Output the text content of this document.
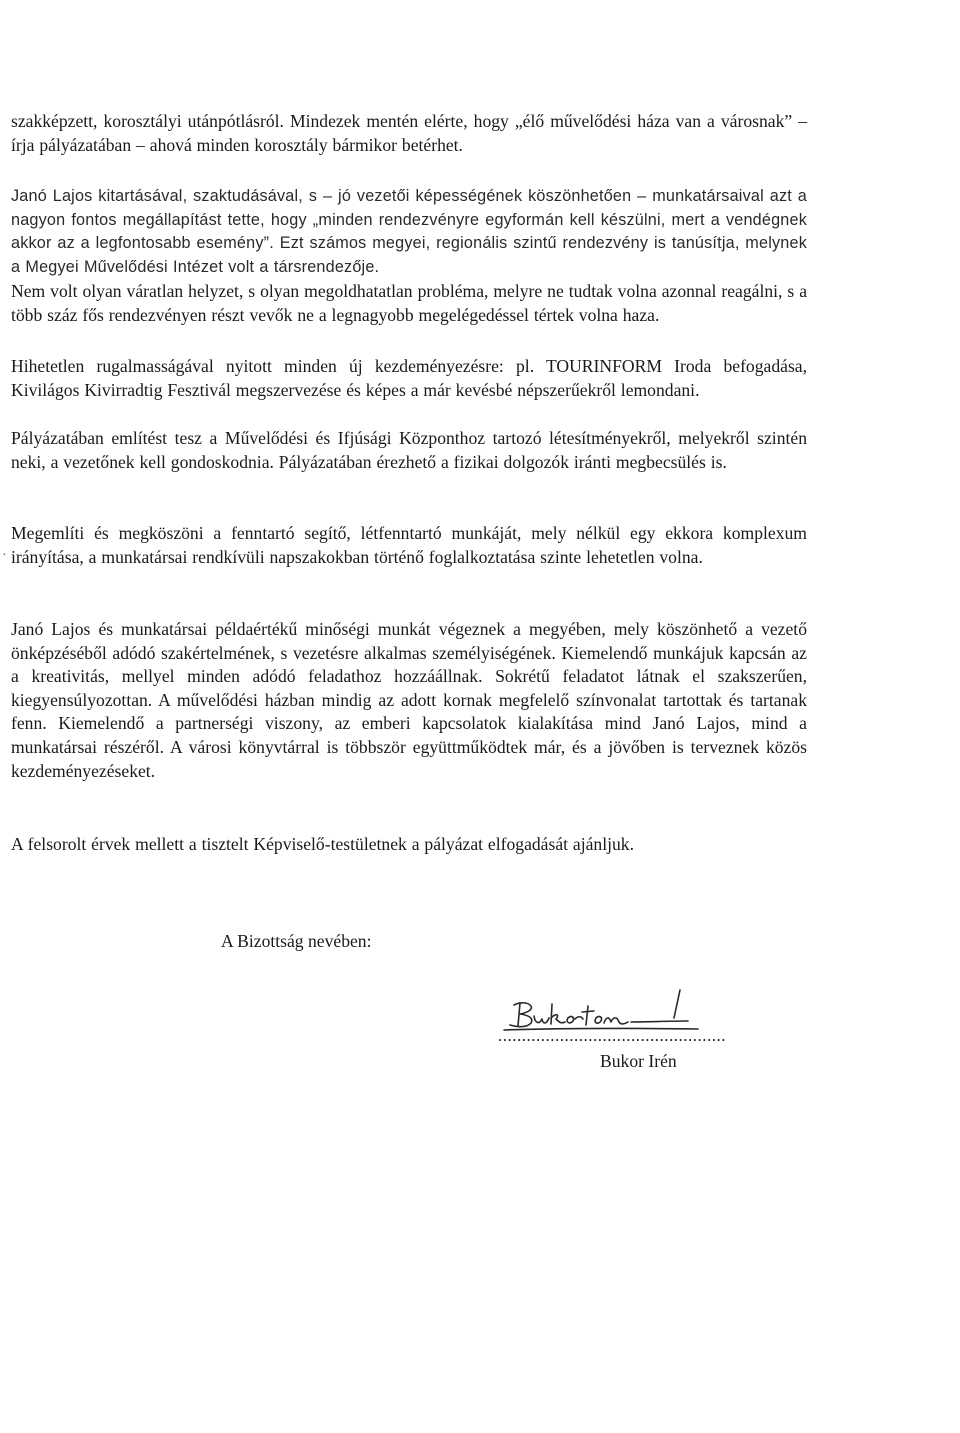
szakképzett, korosztályi utánpótlásról. Mindezek mentén elérte, hogy „élő művelődési háza van a városnak” – írja pályázatában – ahová minden korosztály bármikor betérhet.

Janó Lajos kitartásával, szaktudásával, s – jó vezetői képességének köszönhetően – munkatársaival azt a nagyon fontos megállapítást tette, hogy „minden rendezvényre egyformán kell készülni, mert a vendégnek akkor az a legfontosabb esemény”. Ezt számos megyei, regionális szintű rendezvény is tanúsítja, melynek a Megyei Művelődési Intézet volt a társrendezője.

Nem volt olyan váratlan helyzet, s olyan megoldhatatlan probléma, melyre ne tudtak volna azonnal reagálni, s a több száz fős rendezvényen részt vevők ne a legnagyobb megelégedéssel tértek volna haza.

Hihetetlen rugalmasságával nyitott minden új kezdeményezésre: pl. TOURINFORM Iroda befogadása, Kivilágos Kivirradtig Fesztivál megszervezése és képes a már kevésbé népszerűekről lemondani.

Pályázatában említést tesz a Művelődési és Ifjúsági Központhoz tartozó létesítményekről, melyekről szintén neki, a vezetőnek kell gondoskodnia. Pályázatában érezhető a fizikai dolgozók iránti megbecsülés is.

·

Megemlíti és megköszöni a fenntartó segítő, létfenntartó munkáját, mely nélkül egy ekkora komplexum irányítása, a munkatársai rendkívüli napszakokban történő foglalkoztatása szinte lehetetlen volna.

Janó Lajos és munkatársai példaértékű minőségi munkát végeznek a megyében, mely köszönhető a vezető önképzéséből adódó szakértelmének, s vezetésre alkalmas személyiségének. Kiemelendő munkájuk kapcsán az a kreativitás, mellyel minden adódó feladathoz hozzáállnak. Sokrétű feladatot látnak el szakszerűen, kiegyensúlyozottan. A művelődési házban mindig az adott kornak megfelelő színvonalat tartottak és tartanak fenn. Kiemelendő a partnerségi viszony, az emberi kapcsolatok kialakítása mind Janó Lajos, mind a munkatársai részéről. A városi könyvtárral is többször együttműködtek már, és a jövőben is terveznek közös kezdeményezéseket.

A felsorolt érvek mellett a tisztelt Képviselő-testületnek a pályázat elfogadását ajánljuk.

A Bizottság nevében:
................................................
Bukor Irén
